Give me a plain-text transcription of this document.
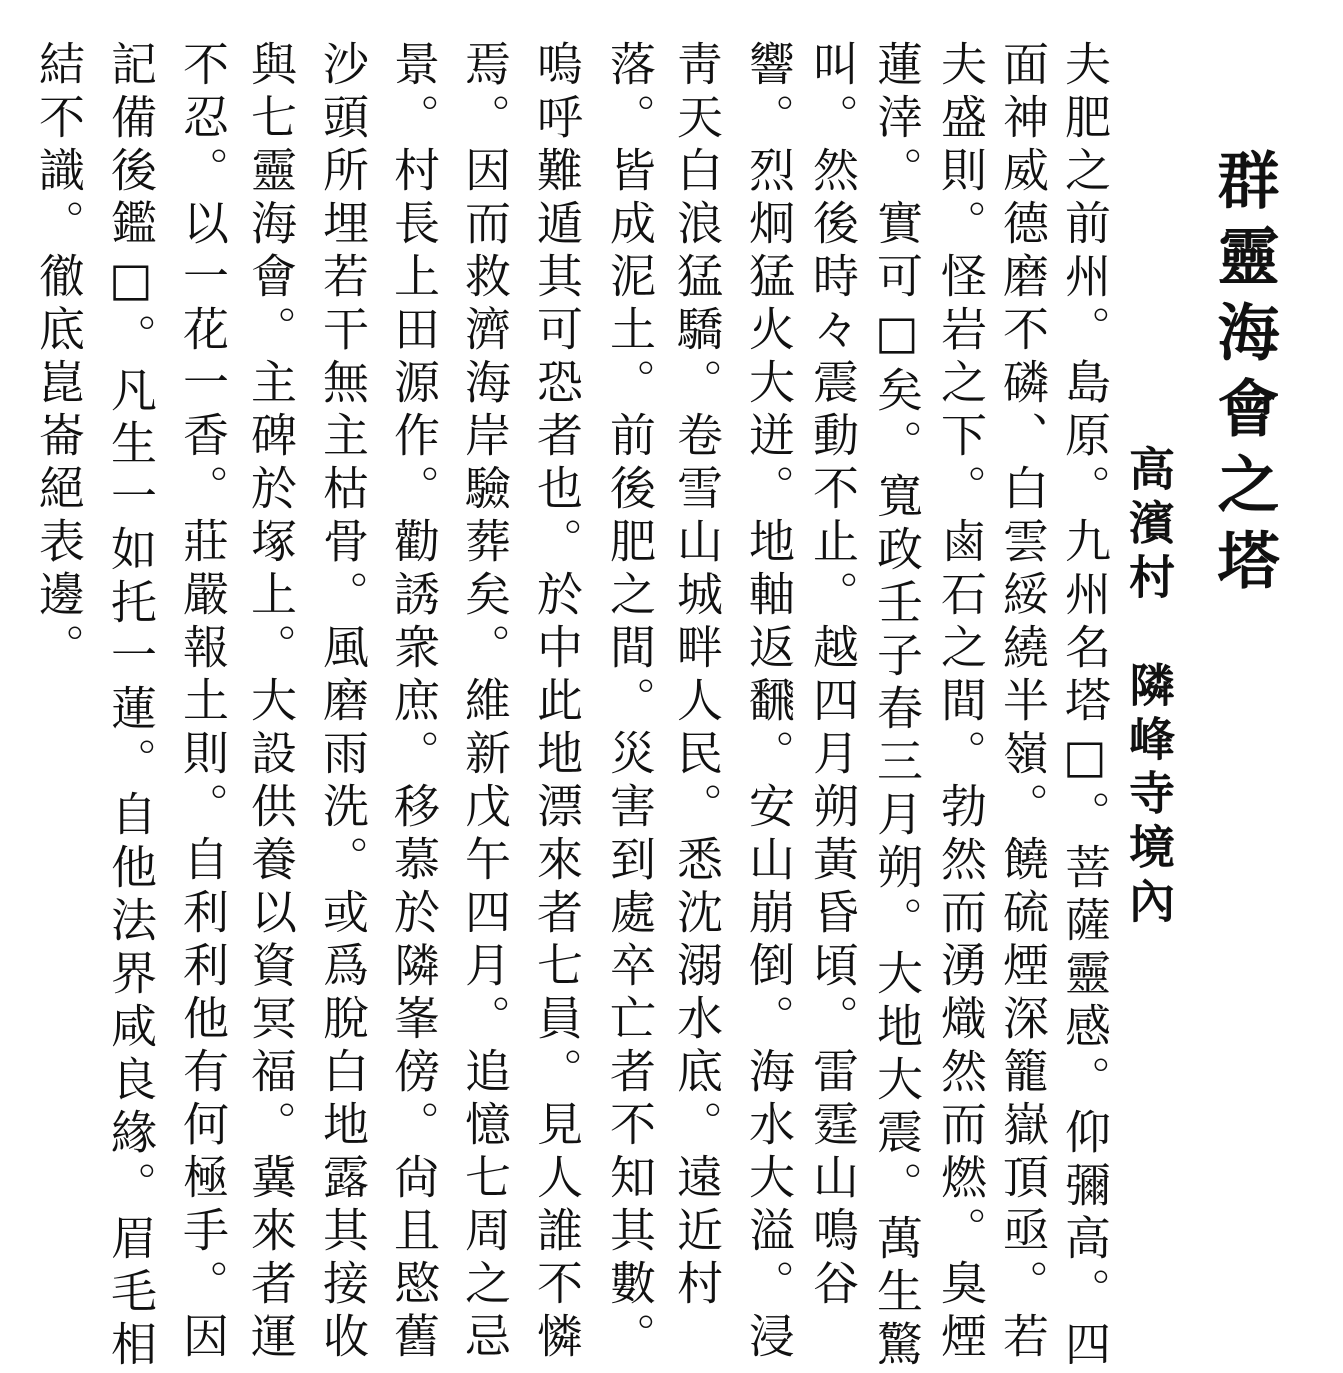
群靈海會之塔
高濱村　隣峰寺境內
夫肥之前州。島原。九州名塔□。菩薩靈感。仰彌高。四
面神威德磨不磷、白雲綏繞半嶺。饒硫煙深籠嶽頂亟。若
夫盛則。怪岩之下。鹵石之間。勃然而湧熾然而燃。臭煙
蓮涬。實可□矣。寬政壬子春三月朔。大地大震。萬生驚
叫。然後時々震動不止。越四月朔黃昏頃。雷霆山鳴谷
響。烈炯猛火大迸。地軸返飜。安山崩倒。海水大溢。浸
靑天白浪猛驕。卷雪山城畔人民。悉沈溺水底。遠近村
落。皆成泥土。前後肥之間。災害到處卒亡者不知其數。
嗚呼難遁其可恐者也。於中此地漂來者七員。見人誰不憐
焉。因而救濟海岸驗葬矣。維新戊午四月。追憶七周之忌
景。村長上田源作。勸誘衆庶。移慕於隣峯傍。尙且愍舊
沙頭所埋若干無主枯骨。風磨雨洗。或爲脫白地露其接收
與七靈海會。主碑於塚上。大設供養以資冥福。冀來者運
不忍。以一花一香。莊嚴報土則。自利利他有何極手。因
記備後鑑□。凡生一如托一蓮。自他法界咸良緣。眉毛相
結不識。徹底崑崙絕表邊。
